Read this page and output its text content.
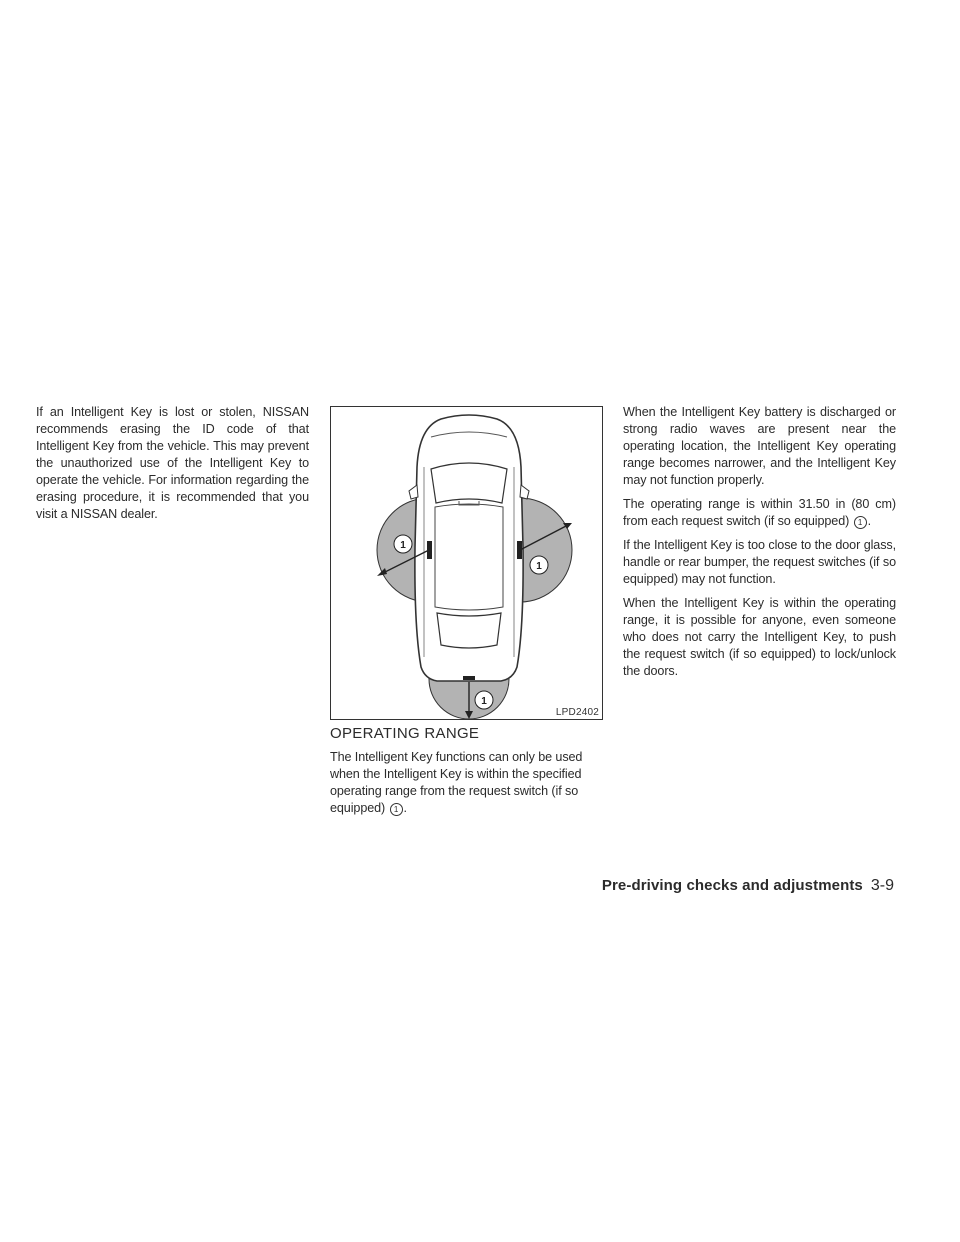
If an Intelligent Key is lost or stolen, NISSAN recommends erasing the ID code of that Intelligent Key from the vehicle. This may prevent the unauthorized use of the Intelligent Key to operate the vehicle. For information regarding the erasing procedure, it is recommended that you visit a NISSAN dealer.

1
1
1
LPD2402
OPERATING RANGE

The Intelligent Key functions can only be used when the Intelligent Key is within the specified operating range from the request switch (if so equipped) 1 .

When the Intelligent Key battery is discharged or strong radio waves are present near the operating location, the Intelligent Key operating range becomes narrower, and the Intelligent Key may not function properly.

The operating range is within 31.50 in (80 cm) from each request switch (if so equipped) 1 .

If the Intelligent Key is too close to the door glass, handle or rear bumper, the request switches (if so equipped) may not function.

When the Intelligent Key is within the operating range, it is possible for anyone, even someone who does not carry the Intelligent Key, to push the request switch (if so equipped) to lock/unlock the doors.

Pre-driving checks and adjustments 3-9
